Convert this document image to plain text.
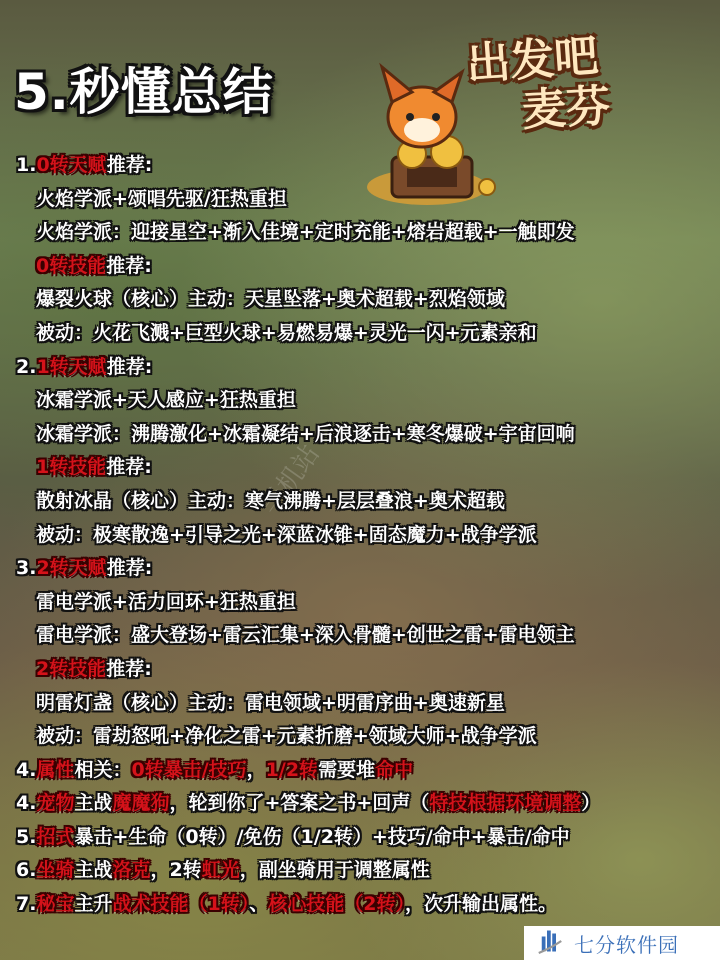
手机站
5.秒懂总结
出发吧
麦芬
1.0转天赋推荐:
火焰学派+颂唱先驱/狂热重担
火焰学派：迎接星空+渐入佳境+定时充能+熔岩超载+一触即发
0转技能推荐:
爆裂火球（核心）主动：天星坠落+奥术超载+烈焰领域
被动：火花飞溅+巨型火球+易燃易爆+灵光一闪+元素亲和
2.1转天赋推荐:
冰霜学派+天人感应+狂热重担
冰霜学派：沸腾激化+冰霜凝结+后浪逐击+寒冬爆破+宇宙回响
1转技能推荐:
散射冰晶（核心）主动：寒气沸腾+层层叠浪+奥术超载
被动：极寒散逸+引导之光+深蓝冰锥+固态魔力+战争学派
3.2转天赋推荐:
雷电学派+活力回环+狂热重担
雷电学派：盛大登场+雷云汇集+深入骨髓+创世之雷+雷电领主
2转技能推荐:
明雷灯盏（核心）主动：雷电领域+明雷序曲+奥速新星
被动：雷劫怒吼+净化之雷+元素折磨+领域大师+战争学派
4.属性相关：0转暴击/技巧，1/2转需要堆命中
4.宠物主战魔魔狗，轮到你了+答案之书+回声（特技根据环境调整）
5.招式暴击+生命（0转）/免伤（1/2转）+技巧/命中+暴击/命中
6.坐骑主战洛克，2转虹光，副坐骑用于调整属性
7.秘宝主升战术技能（1转）、核心技能（2转），次升输出属性。
七分软件园
